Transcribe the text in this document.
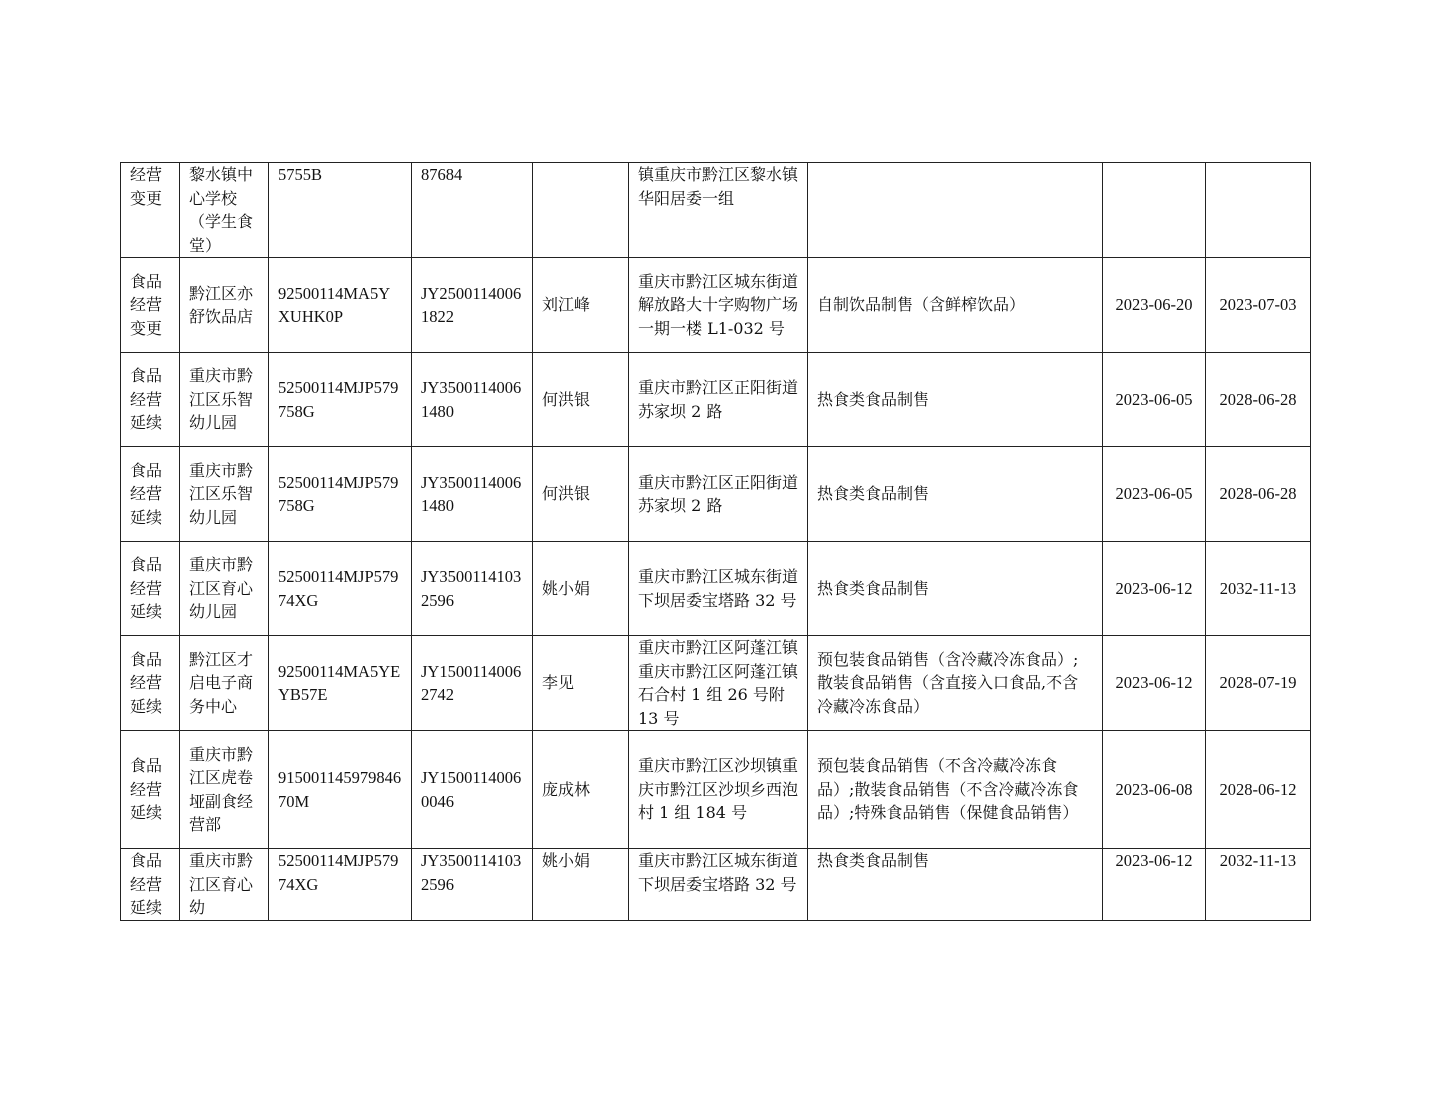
经营变更	黎水镇中心学校（学生食堂）	5755B	87684		镇重庆市黔江区黎水镇华阳居委一组			
食品经营变更	黔江区亦舒饮品店	92500114MA5YXUHK0P	JY25001140061822	刘江峰	重庆市黔江区城东街道解放路大十字购物广场一期一楼 L1-032 号	自制饮品制售（含鲜榨饮品）	2023-06-20	2023-07-03
食品经营延续	重庆市黔江区乐智幼儿园	52500114MJP579758G	JY35001140061480	何洪银	重庆市黔江区正阳街道苏家坝 2 路	热食类食品制售	2023-06-05	2028-06-28
食品经营延续	重庆市黔江区乐智幼儿园	52500114MJP579758G	JY35001140061480	何洪银	重庆市黔江区正阳街道苏家坝 2 路	热食类食品制售	2023-06-05	2028-06-28
食品经营延续	重庆市黔江区育心幼儿园	52500114MJP57974XG	JY35001141032596	姚小娟	重庆市黔江区城东街道下坝居委宝塔路 32 号	热食类食品制售	2023-06-12	2032-11-13
食品经营延续	黔江区才启电子商务中心	92500114MA5YEYB57E	JY15001140062742	李见	重庆市黔江区阿蓬江镇重庆市黔江区阿蓬江镇石合村 1 组 26 号附 13 号	预包装食品销售（含冷藏冷冻食品）;散装食品销售（含直接入口食品,不含冷藏冷冻食品）	2023-06-12	2028-07-19
食品经营延续	重庆市黔江区虎卷垭副食经营部	91500114597984670M	JY15001140060046	庞成林	重庆市黔江区沙坝镇重庆市黔江区沙坝乡西泡村 1 组 184 号	预包装食品销售（不含冷藏冷冻食品）;散装食品销售（不含冷藏冷冻食品）;特殊食品销售（保健食品销售）	2023-06-08	2028-06-12
食品经营延续	重庆市黔江区育心幼	52500114MJP57974XG	JY35001141032596	姚小娟	重庆市黔江区城东街道下坝居委宝塔路 32 号	热食类食品制售	2023-06-12	2032-11-13
